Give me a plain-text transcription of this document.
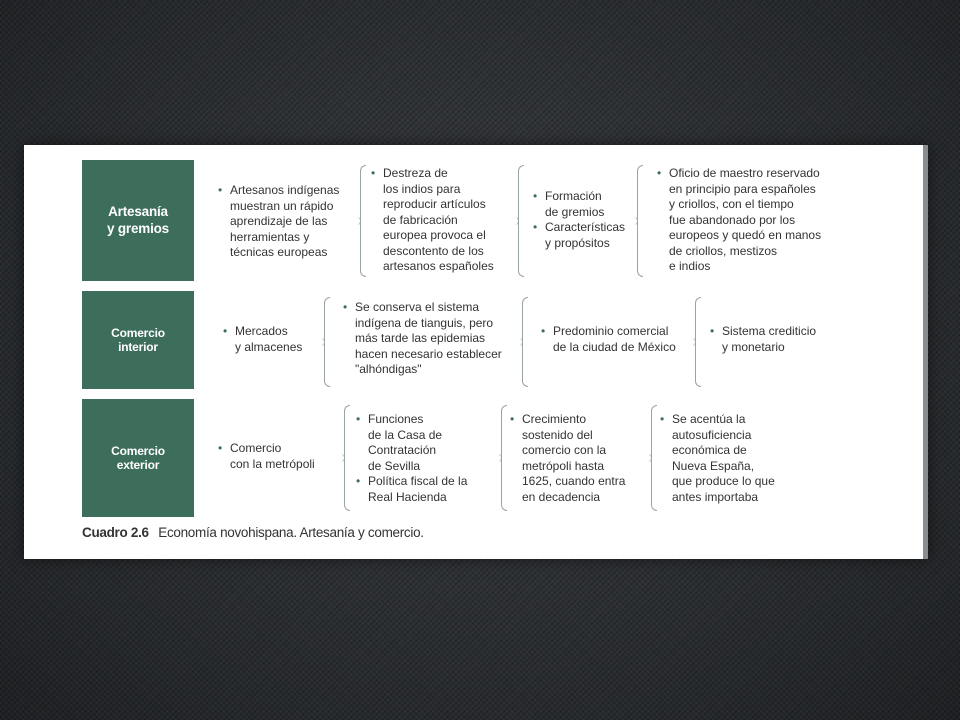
Artesanía
y gremios
• Artesanos indígenas
muestran un rápido
aprendizaje de las
herramientas y
técnicas europeas
• Destreza de
los indios para
reproducir artículos
de fabricación
europea provoca el
descontento de los
artesanos españoles
• Formación
de gremios
• Características
y propósitos
• Oficio de maestro reservado
en principio para españoles
y criollos, con el tiempo
fue abandonado por los
europeos y quedó en manos
de criollos, mestizos
e indios
Comercio
interior
• Mercados
y almacenes
• Se conserva el sistema
indígena de tianguis, pero
más tarde las epidemias
hacen necesario establecer
"alhóndigas"
• Predominio comercial
de la ciudad de México
• Sistema crediticio
y monetario
Comercio
exterior
• Comercio
con la metrópoli
• Funciones
de la Casa de
Contratación
de Sevilla
• Política fiscal de la
Real Hacienda
• Crecimiento
sostenido del
comercio con la
metrópoli hasta
1625, cuando entra
en decadencia
• Se acentúa la
autosuficiencia
económica de
Nueva España,
que produce lo que
antes importaba
Cuadro 2.6 Economía novohispana. Artesanía y comercio.
